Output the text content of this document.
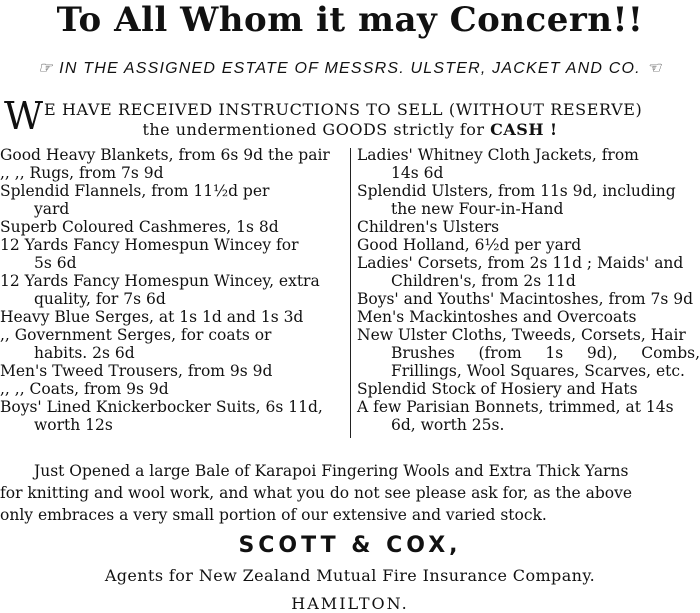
To All Whom it may Concern!!
☞ IN THE ASSIGNED ESTATE OF MESSRS. ULSTER, JACKET AND CO. ☜
W E HAVE RECEIVED INSTRUCTIONS TO SELL (WITHOUT RESERVE)
the undermentioned GOODS strictly for CASH !
Good Heavy Blankets, from 6s 9d the pair
,, ,, Rugs, from 7s 9d
Splendid Flannels, from 11½d per
yard
Superb Coloured Cashmeres, 1s 8d
12 Yards Fancy Homespun Wincey for
5s 6d
12 Yards Fancy Homespun Wincey, extra
quality, for 7s 6d
Heavy Blue Serges, at 1s 1d and 1s 3d
,, Government Serges, for coats or
habits. 2s 6d
Men's Tweed Trousers, from 9s 9d
,, ,, Coats, from 9s 9d
Boys' Lined Knickerbocker Suits, 6s 11d,
worth 12s
Ladies' Whitney Cloth Jackets, from
14s 6d
Splendid Ulsters, from 11s 9d, including
the new Four-in-Hand
Children's Ulsters
Good Holland, 6½d per yard
Ladies' Corsets, from 2s 11d ; Maids' and
Children's, from 2s 11d
Boys' and Youths' Macintoshes, from 7s 9d
Men's Mackintoshes and Overcoats
New Ulster Cloths, Tweeds, Corsets, Hair
Brushes (from 1s 9d), Combs, Frillings, Wool Squares, Scarves, etc.
Splendid Stock of Hosiery and Hats
A few Parisian Bonnets, trimmed, at 14s
6d, worth 25s.
Just Opened a large Bale of Karapoi Fingering Wools and Extra Thick Yarns
for knitting and wool work, and what you do not see please ask for, as the above
only embraces a very small portion of our extensive and varied stock.
SCOTT & COX,
Agents for New Zealand Mutual Fire Insurance Company.
HAMILTON.
